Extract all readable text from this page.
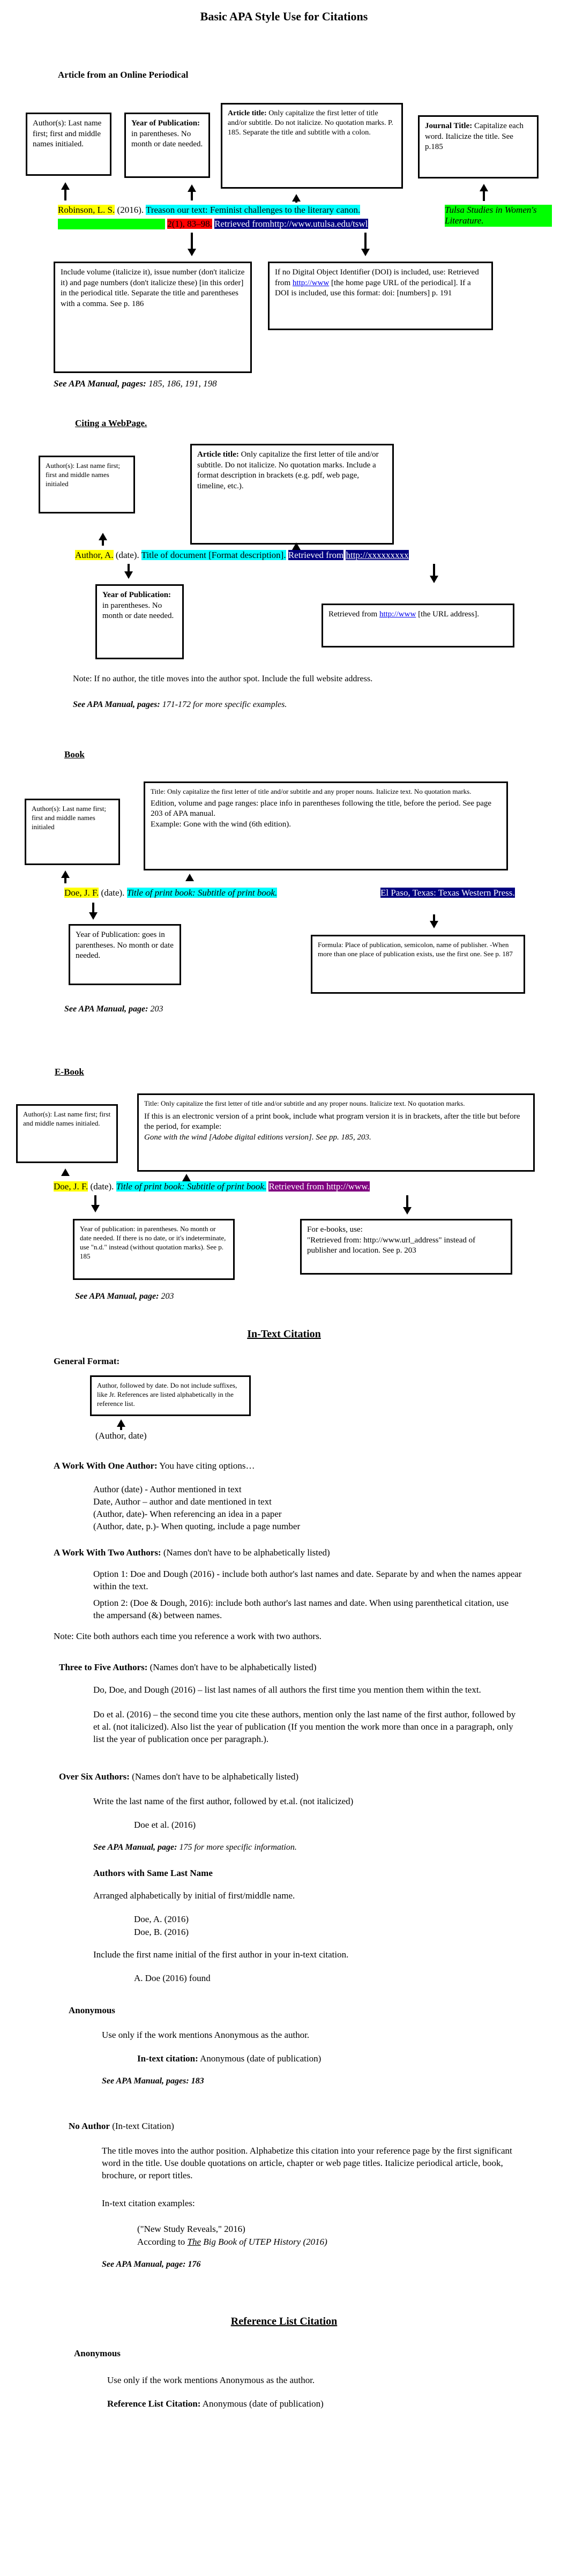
Basic APA Style Use for Citations
Article from an Online Periodical
Author(s): Last name first; first and middle names initialed.
Year of Publication: in parentheses. No month or date needed.
Article title: Only capitalize the first letter of title and/or subtitle. Do not italicize. No quotation marks. P. 185. Separate the title and subtitle with a colon.
Journal Title: Capitalize each word. Italicize the title. See p.185
Robinson, L. S. (2016). Treason our text: Feminist challenges to the literary canon.	Tulsa Studies in Women's Literature.
2(1), 83–98. Retrieved fromhttp://www.utulsa.edu/tswl
Include volume (italicize it), issue number (don't italicize it) and page numbers (don't italicize these) [in this order] in the periodical title. Separate the title and parentheses with a comma. See p. 186
If no Digital Object Identifier (DOI) is included, use: Retrieved from http://www [the home page URL of the periodical]. If a DOI is included, use this format: doi: [numbers] p. 191
See APA Manual, pages: 185, 186, 191, 198
Citing a WebPage.
Author(s): Last name first; first and middle names initialed
Article title: Only capitalize the first letter of tile and/or subtitle. Do not italicize. No quotation marks. Include a format description in brackets (e.g. pdf, web page, timeline, etc.).
Author, A. (date). Title of document [Format description]. Retrieved from http://xxxxxxxxx
Year of Publication: in parentheses. No month or date needed.	Retrieved from http://www [the URL address].
Note: If no author, the title moves into the author spot. Include the full website address.
See APA Manual, pages: 171-172 for more specific examples.
Book
Author(s): Last name first; first and middle names initialed
Title: Only capitalize the first letter of title and/or subtitle and any proper nouns. Italicize text. No quotation marks.
Edition, volume and page ranges: place info in parentheses following the title, before the period. See page 203 of APA manual.
Example: Gone with the wind (6th edition).
Doe, J. F. (date). Title of print book: Subtitle of print book.	El Paso, Texas: Texas Western Press.
Year of Publication: goes in parentheses. No month or date needed.
Formula: Place of publication, semicolon, name of publisher. -When more than one place of publication exists, use the first one. See p. 187
See APA Manual, page: 203
E-Book
Author(s): Last name first; first and middle names initialed.
Title: Only capitalize the first letter of title and/or subtitle and any proper nouns. Italicize text. No quotation marks.
If this is an electronic version of a print book, include what program version it is in brackets, after the title but before the period, for example:
Gone with the wind [Adobe digital editions version]. See pp. 185, 203.
Doe, J. F. (date). Title of print book: Subtitle of print book. Retrieved from http://www.
Year of publication: in parentheses. No month or date needed. If there is no date, or it's indeterminate, use "n.d." instead (without quotation marks). See p. 185
For e-books, use:
"Retrieved from: http://www.url_address" instead of publisher and location. See p. 203
See APA Manual, page: 203
In-Text Citation
General Format:
Author, followed by date. Do not include suffixes, like Jr. References are listed alphabetically in the reference list.
(Author, date)
A Work With One Author: You have citing options…
Author (date) - Author mentioned in text
Date, Author – author and date mentioned in text
(Author, date)- When referencing an idea in a paper
(Author, date, p.)- When quoting, include a page number
A Work With Two Authors: (Names don't have to be alphabetically listed)
Option 1: Doe and Dough (2016) - include both author's last names and date. Separate by and when the names appear within the text.
Option 2: (Doe & Dough, 2016): include both author's last names and date. When using parenthetical citation, use the ampersand (&) between names.
Note: Cite both authors each time you reference a work with two authors.
Three to Five Authors: (Names don't have to be alphabetically listed)
Do, Doe, and Dough (2016) – list last names of all authors the first time you mention them within the text.
Do et al. (2016) – the second time you cite these authors, mention only the last name of the first author, followed by et al. (not italicized). Also list the year of publication (If you mention the work more than once in a paragraph, only list the year of publication once per paragraph.).
Over Six Authors: (Names don't have to be alphabetically listed)
Write the last name of the first author, followed by et.al. (not italicized)
Doe et al. (2016)
See APA Manual, page: 175 for more specific information.
Authors with Same Last Name
Arranged alphabetically by initial of first/middle name.
Doe, A. (2016)
Doe, B. (2016)
Include the first name initial of the first author in your in-text citation.
A. Doe (2016) found
Anonymous
Use only if the work mentions Anonymous as the author.
In-text citation: Anonymous (date of publication)
See APA Manual, pages: 183
No Author (In-text Citation)
The title moves into the author position. Alphabetize this citation into your reference page by the first significant word in the title. Use double quotations on article, chapter or web page titles. Italicize periodical article, book, brochure, or report titles.
In-text citation examples:
("New Study Reveals," 2016)
According to The Big Book of UTEP History (2016)
See APA Manual, page: 176
Reference List Citation
Anonymous
Use only if the work mentions Anonymous as the author.
Reference List Citation: Anonymous (date of publication)
